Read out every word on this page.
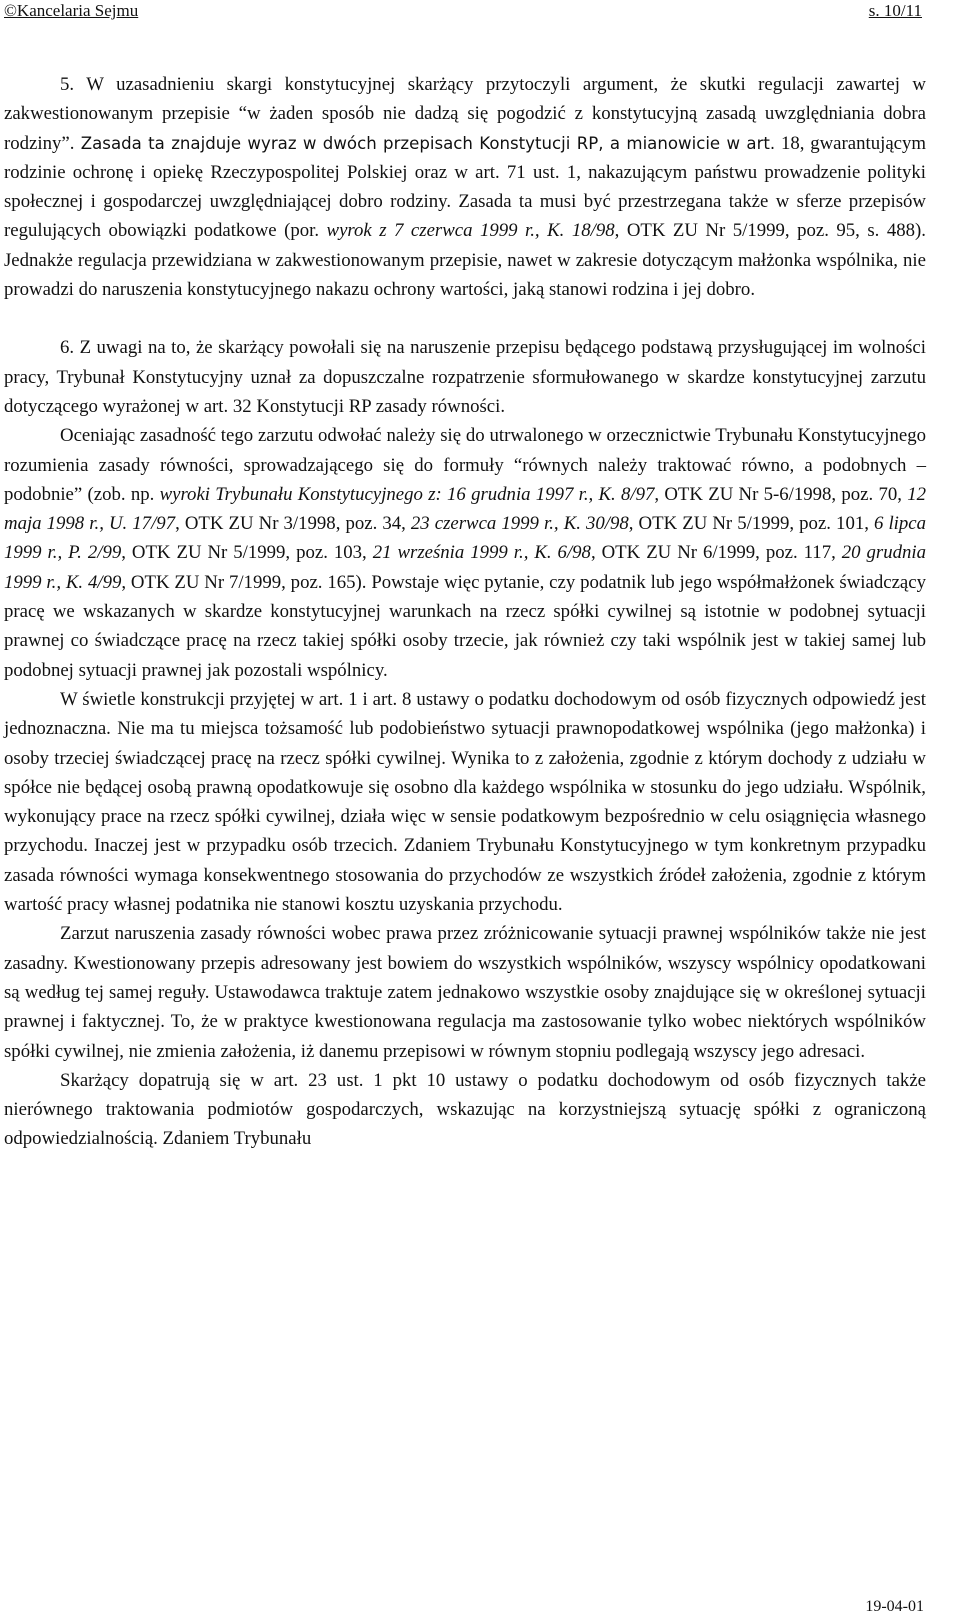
©Kancelaria Sejmu	s. 10/11

5. W uzasadnieniu skargi konstytucyjnej skarżący przytoczyli argument, że skutki regulacji zawartej w zakwestionowanym przepisie “w żaden sposób nie dadzą się pogodzić z konstytucyjną zasadą uwzględniania dobra rodziny”. Zasada ta znajduje wyraz w dwóch przepisach Konstytucji RP, a mianowicie w art. 18, gwarantującym rodzinie ochronę i opiekę Rzeczypospolitej Polskiej oraz w art. 71 ust. 1, nakazującym państwu prowadzenie polityki społecznej i gospodarczej uwzględniającej dobro rodziny. Zasada ta musi być przestrzegana także w sferze przepisów regulujących obowiązki podatkowe (por. wyrok z 7 czerwca 1999 r., K. 18/98, OTK ZU Nr 5/1999, poz. 95, s. 488). Jednakże regulacja przewidziana w zakwestionowanym przepisie, nawet w zakresie dotyczącym małżonka wspólnika, nie prowadzi do naruszenia konstytucyjnego nakazu ochrony wartości, jaką stanowi rodzina i jej dobro.

6. Z uwagi na to, że skarżący powołali się na naruszenie przepisu będącego podstawą przysługującej im wolności pracy, Trybunał Konstytucyjny uznał za dopuszczalne rozpatrzenie sformułowanego w skardze konstytucyjnej zarzutu dotyczącego wyrażonej w art. 32 Konstytucji RP zasady równości.

Oceniając zasadność tego zarzutu odwołać należy się do utrwalonego w orzecznictwie Trybunału Konstytucyjnego rozumienia zasady równości, sprowadzającego się do formuły “równych należy traktować równo, a podobnych – podobnie” (zob. np. wyroki Trybunału Konstytucyjnego z: 16 grudnia 1997 r., K. 8/97, OTK ZU Nr 5-6/1998, poz. 70, 12 maja 1998 r., U. 17/97, OTK ZU Nr 3/1998, poz. 34, 23 czerwca 1999 r., K. 30/98, OTK ZU Nr 5/1999, poz. 101, 6 lipca 1999 r., P. 2/99, OTK ZU Nr 5/1999, poz. 103, 21 września 1999 r., K. 6/98, OTK ZU Nr 6/1999, poz. 117, 20 grudnia 1999 r., K. 4/99, OTK ZU Nr 7/1999, poz. 165). Powstaje więc pytanie, czy podatnik lub jego współmałżonek świadczący pracę we wskazanych w skardze konstytucyjnej warunkach na rzecz spółki cywilnej są istotnie w podobnej sytuacji prawnej co świadczące pracę na rzecz takiej spółki osoby trzecie, jak również czy taki wspólnik jest w takiej samej lub podobnej sytuacji prawnej jak pozostali wspólnicy.

W świetle konstrukcji przyjętej w art. 1 i art. 8 ustawy o podatku dochodowym od osób fizycznych odpowiedź jest jednoznaczna. Nie ma tu miejsca tożsamość lub podobieństwo sytuacji prawnopodatkowej wspólnika (jego małżonka) i osoby trzeciej świadczącej pracę na rzecz spółki cywilnej. Wynika to z założenia, zgodnie z którym dochody z udziału w spółce nie będącej osobą prawną opodatkowuje się osobno dla każdego wspólnika w stosunku do jego udziału. Wspólnik, wykonujący prace na rzecz spółki cywilnej, działa więc w sensie podatkowym bezpośrednio w celu osiągnięcia własnego przychodu. Inaczej jest w przypadku osób trzecich. Zdaniem Trybunału Konstytucyjnego w tym konkretnym przypadku zasada równości wymaga konsekwentnego stosowania do przychodów ze wszystkich źródeł założenia, zgodnie z którym wartość pracy własnej podatnika nie stanowi kosztu uzyskania przychodu.

Zarzut naruszenia zasady równości wobec prawa przez zróżnicowanie sytuacji prawnej wspólników także nie jest zasadny. Kwestionowany przepis adresowany jest bowiem do wszystkich wspólników, wszyscy wspólnicy opodatkowani są według tej samej reguły. Ustawodawca traktuje zatem jednakowo wszystkie osoby znajdujące się w określonej sytuacji prawnej i faktycznej. To, że w praktyce kwestionowana regulacja ma zastosowanie tylko wobec niektórych wspólników spółki cywilnej, nie zmienia założenia, iż danemu przepisowi w równym stopniu podlegają wszyscy jego adresaci.

Skarżący dopatrują się w art. 23 ust. 1 pkt 10 ustawy o podatku dochodowym od osób fizycznych także nierównego traktowania podmiotów gospodarczych, wskazując na korzystniejszą sytuację spółki z ograniczoną odpowiedzialnością. Zdaniem Trybunału

19-04-01
